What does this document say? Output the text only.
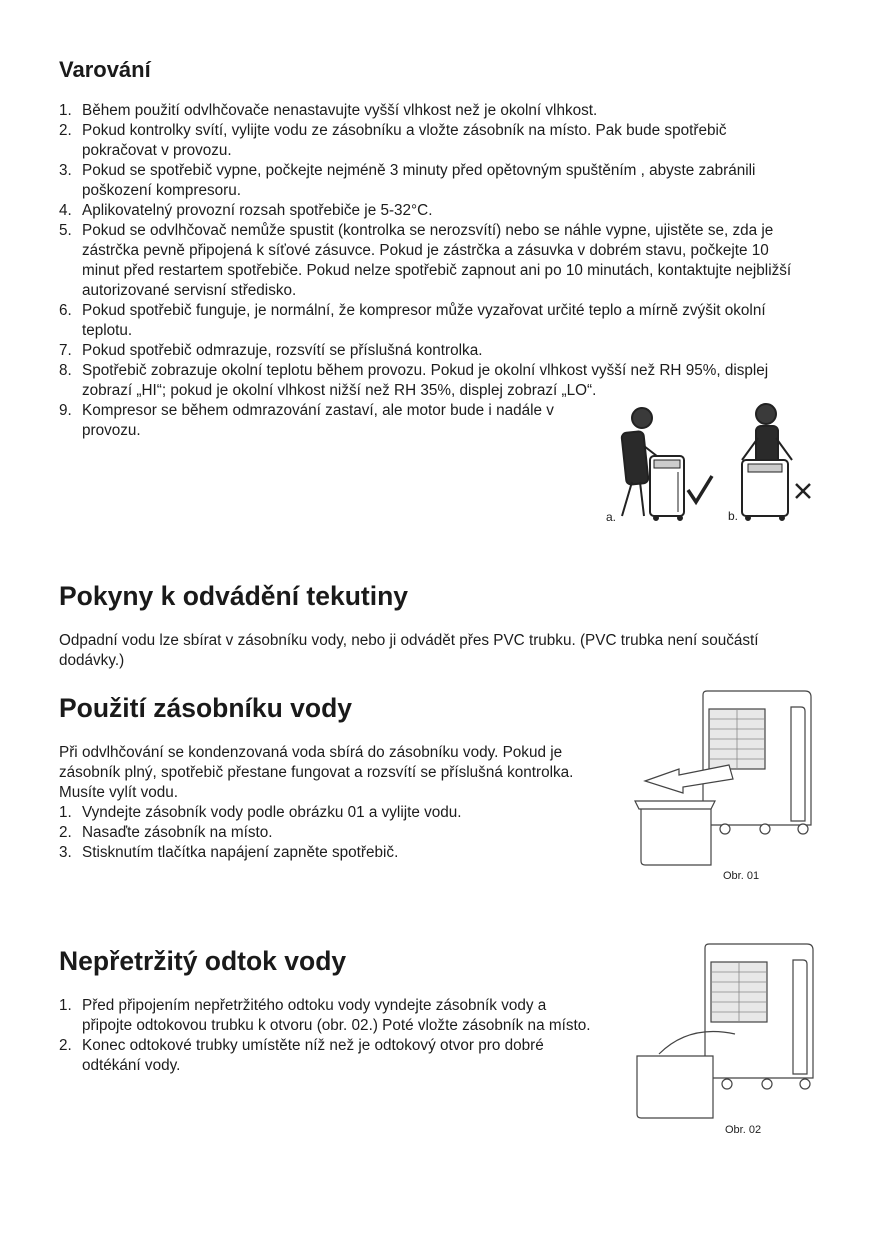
Varování
1. Během použití odvlhčovače nenastavujte vyšší vlhkost než je okolní vlhkost.
2. Pokud kontrolky svítí, vylijte vodu ze zásobníku a vložte zásobník na místo. Pak bude spotřebič pokračovat v provozu.
3. Pokud se spotřebič vypne, počkejte nejméně 3 minuty před opětovným spuštěním , abyste zabránili poškození kompresoru.
4. Aplikovatelný provozní rozsah spotřebiče je 5-32°C.
5. Pokud se odvlhčovač nemůže spustit (kontrolka se nerozsvítí) nebo se náhle vypne, ujistěte se, zda je zástrčka pevně připojená k síťové zásuvce. Pokud je zástrčka a zásuvka v dobrém stavu, počkejte 10 minut před restartem spotřebiče. Pokud nelze spotřebič zapnout ani po 10 minutách, kontaktujte nejbližší autorizované servisní středisko.
6. Pokud spotřebič funguje, je normální, že kompresor může vyzařovat určité teplo a mírně zvýšit okolní teplotu.
7. Pokud spotřebič odmrazuje, rozsvítí se příslušná kontrolka.
8. Spotřebič zobrazuje okolní teplotu během provozu. Pokud je okolní vlhkost vyšší než RH 95%, displej zobrazí „HI“; pokud je okolní vlhkost nižší než RH 35%, displej zobrazí „LO“.
9. Kompresor se během odmrazování zastaví, ale motor bude i nadále v provozu.
a.	b.
Pokyny k odvádění tekutiny

Odpadní vodu lze sbírat v zásobníku vody, nebo ji odvádět přes PVC trubku. (PVC trubka není součástí dodávky.)

Použití zásobníku vody

Při odvlhčování se kondenzovaná voda sbírá do zásobníku vody. Pokud je zásobník plný, spotřebič přestane fungovat a rozsvítí se příslušná kontrolka. Musíte vylít vodu.

1. Vyndejte zásobník vody podle obrázku 01 a vylijte vodu.
2. Nasaďte zásobník na místo.
3. Stisknutím tlačítka napájení zapněte spotřebič.
Obr. 01
Nepřetržitý odtok vody
1. Před připojením nepřetržitého odtoku vody vyndejte zásobník vody a připojte odtokovou trubku k otvoru (obr. 02.) Poté vložte zásobník na místo.
2. Konec odtokové trubky umístěte níž než je odtokový otvor pro dobré odtékání vody.
Obr. 02
